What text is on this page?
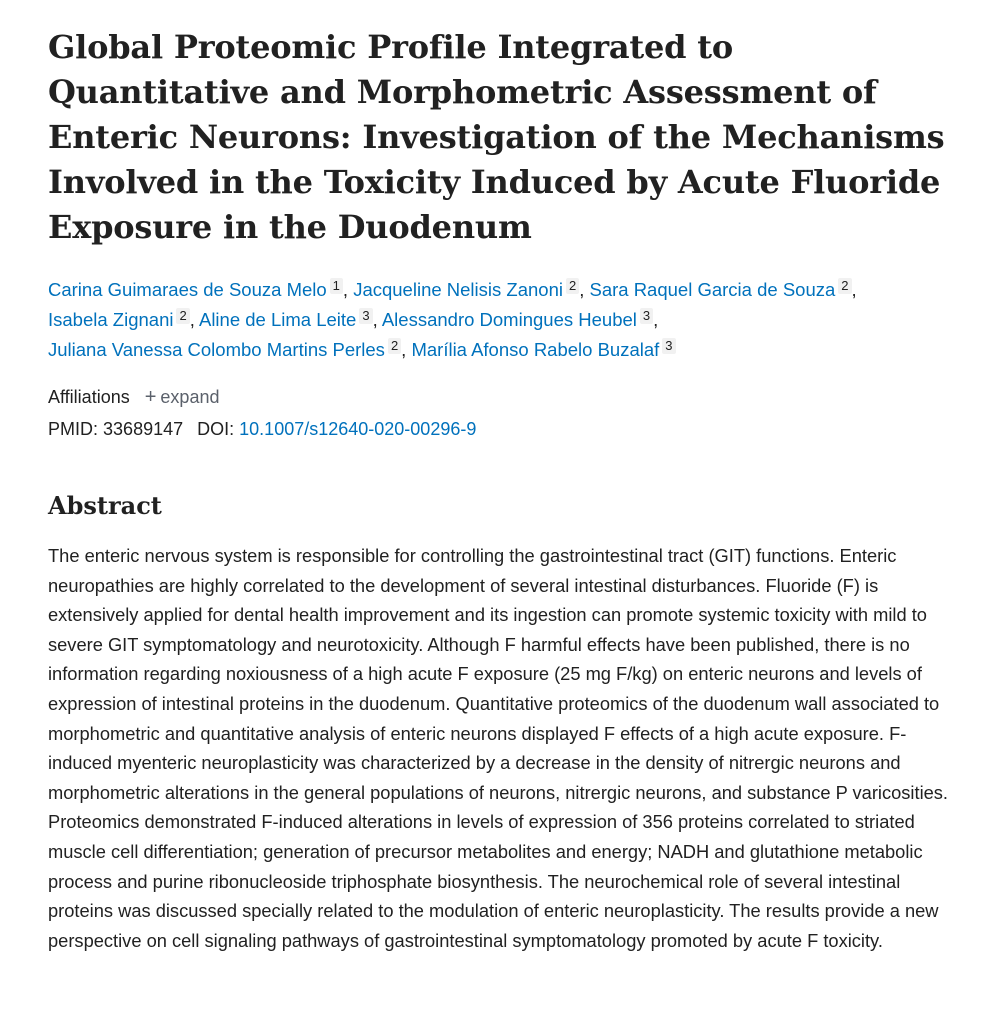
Global Proteomic Profile Integrated to Quantitative and Morphometric Assessment of Enteric Neurons: Investigation of the Mechanisms Involved in the Toxicity Induced by Acute Fluoride Exposure in the Duodenum
Carina Guimaraes de Souza Melo 1 , Jacqueline Nelisis Zanoni 2 , Sara Raquel Garcia de Souza 2 ,
Isabela Zignani 2 , Aline de Lima Leite 3 , Alessandro Domingues Heubel 3 ,
Juliana Vanessa Colombo Martins Perles 2 , Marília Afonso Rabelo Buzalaf 3
Affiliations + expand
PMID: 33689147 DOI: 10.1007/s12640-020-00296-9
Abstract
The enteric nervous system is responsible for controlling the gastrointestinal tract (GIT) functions. Enteric neuropathies are highly correlated to the development of several intestinal disturbances. Fluoride (F) is extensively applied for dental health improvement and its ingestion can promote systemic toxicity with mild to severe GIT symptomatology and neurotoxicity. Although F harmful effects have been published, there is no information regarding noxiousness of a high acute F exposure (25 mg F/kg) on enteric neurons and levels of expression of intestinal proteins in the duodenum. Quantitative proteomics of the duodenum wall associated to morphometric and quantitative analysis of enteric neurons displayed F effects of a high acute exposure. F-induced myenteric neuroplasticity was characterized by a decrease in the density of nitrergic neurons and morphometric alterations in the general populations of neurons, nitrergic neurons, and substance P varicosities. Proteomics demonstrated F-induced alterations in levels of expression of 356 proteins correlated to striated muscle cell differentiation; generation of precursor metabolites and energy; NADH and glutathione metabolic process and purine ribonucleoside triphosphate biosynthesis. The neurochemical role of several intestinal proteins was discussed specially related to the modulation of enteric neuroplasticity. The results provide a new perspective on cell signaling pathways of gastrointestinal symptomatology promoted by acute F toxicity.
